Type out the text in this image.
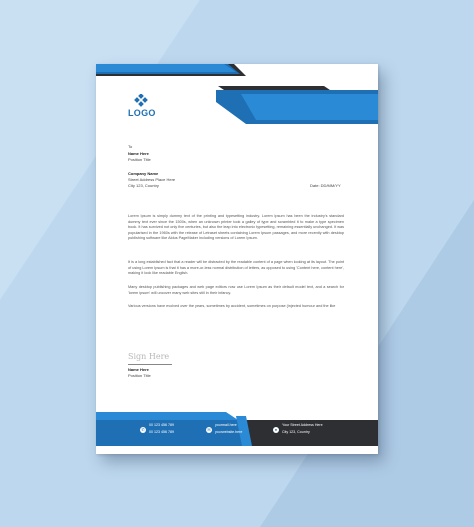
LOGO
To
Name Here
Position Title
Company Name
Street Address Place Here
City 123, Country	Date: DD/MM/YY
Lorem Ipsum is simply dummy text of the printing and typesetting industry. Lorem Ipsum has been the industry's standard dummy text ever since the 1500s, when an unknown printer took a galley of type and scrambled it to make a type specimen book. It has survived not only five centuries, but also the leap into electronic typesetting, remaining essentially unchanged. It was popularised in the 1960s with the release of Letraset sheets containing Lorem Ipsum passages, and more recently with desktop publishing software like Aldus PageMaker including versions of Lorem Ipsum.
It is a long established fact that a reader will be distracted by the readable content of a page when looking at its layout. The point of using Lorem Ipsum is that it has a more-or-less normal distribution of letters, as opposed to using 'Content here, content here', making it look like readable English.
Many desktop publishing packages and web page editors now use Lorem Ipsum as their default model text, and a search for 'lorem ipsum' will uncover many web sites still in their infancy.
Various versions have evolved over the years, sometimes by accident, sometimes on purpose (injected humour and the like
Sign Here
Name Here
Position Title
✆
00 123 456 789
00 123 456 789	✉
yourmail.here
yourwebsite.here	●
Your Street Address Here
City 123, Country
